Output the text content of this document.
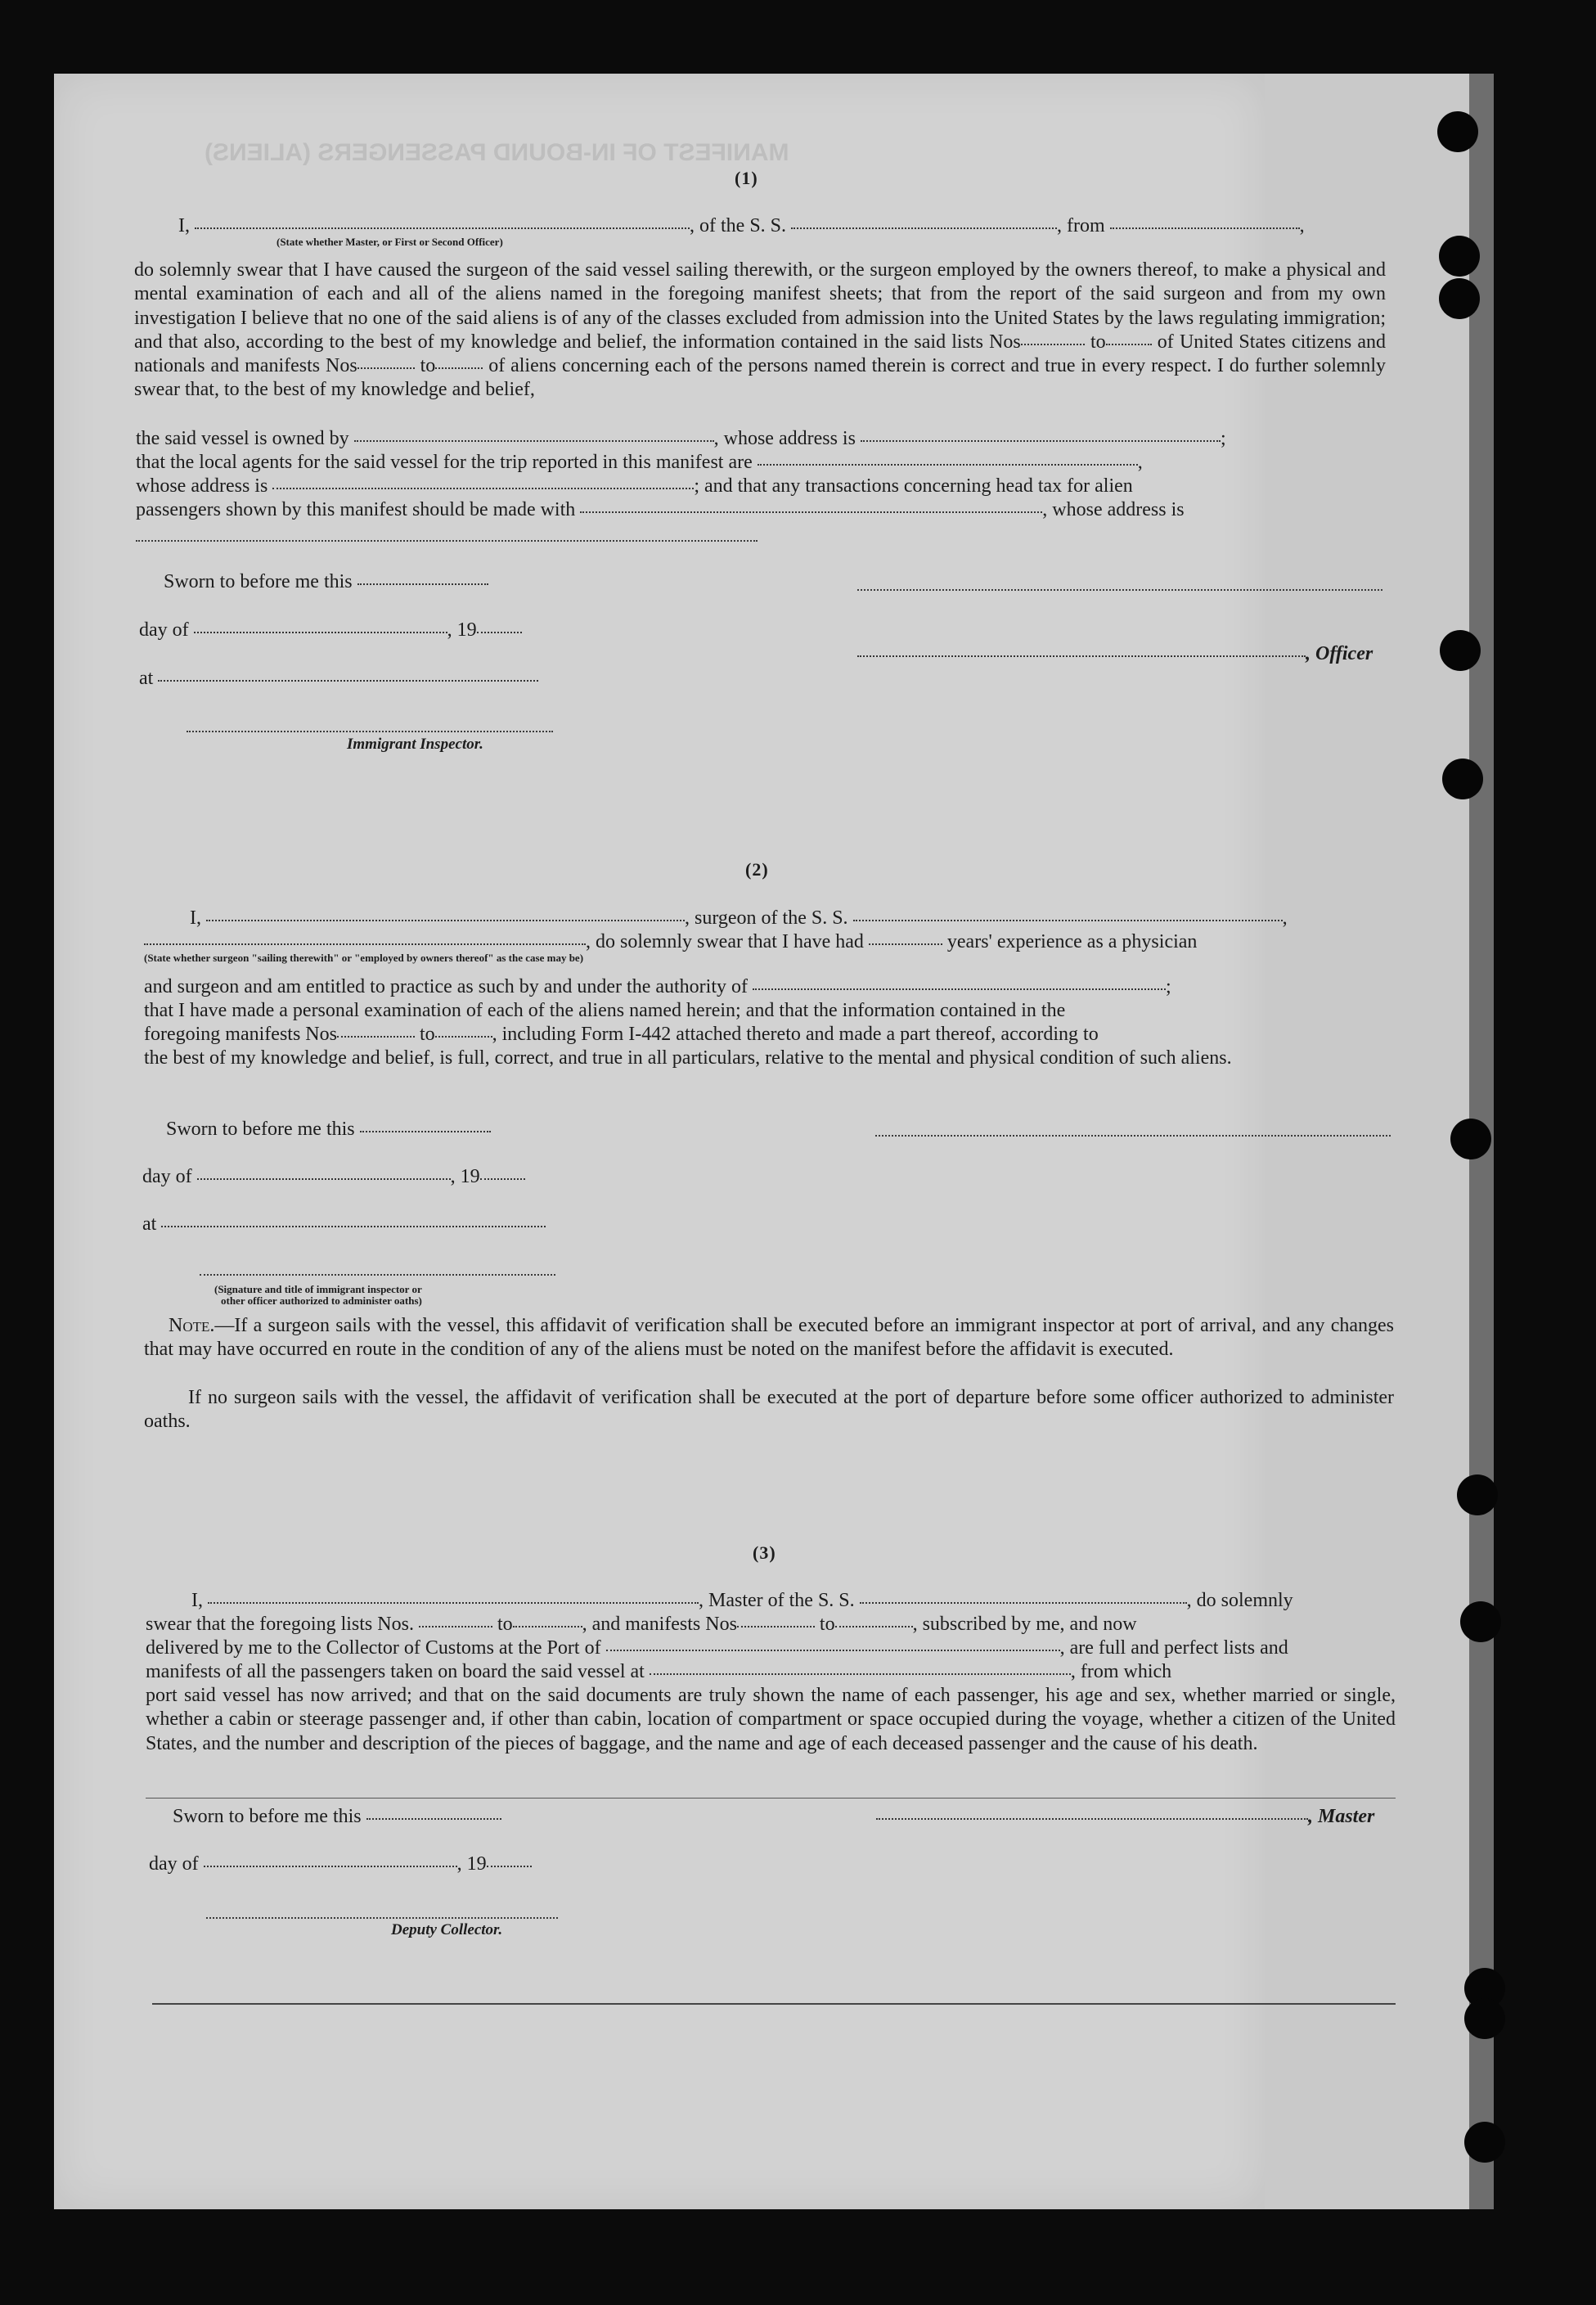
MANIFEST OF IN-BOUND PASSENGERS (ALIENS)
(1)
I,	, of the S. S.	, from	,
(State whether Master, or First or Second Officer)
do solemnly swear that I have caused the surgeon of the said vessel sailing therewith, or the surgeon employed by the owners thereof, to make a physical and mental examination of each and all of the aliens named in the foregoing manifest sheets; that from the report of the said surgeon and from my own investigation I believe that no one of the said aliens is of any of the classes excluded from admission into the United States by the laws regulating immigration; and that also, according to the best of my knowledge and belief, the information contained in the said lists Nos	to	of United States citizens and nationals and manifests Nos	to	of aliens concerning each of the persons named therein is correct and true in every respect. I do further solemnly swear that, to the best of my knowledge and belief,
the said vessel is owned by	, whose address is	;
that the local agents for the said vessel for the trip reported in this manifest are	,
whose address is	; and that any transactions concerning head tax for alien
passengers shown by this manifest should be made with	, whose address is
Sworn to before me this
day of	, 19
, Officer
at
Immigrant Inspector.
(2)
I,	, surgeon of the S. S.	,
, do solemnly swear that I have had	years' experience as a physician
(State whether surgeon "sailing therewith" or "employed by owners thereof" as the case may be)
and surgeon and am entitled to practice as such by and under the authority of	;
that I have made a personal examination of each of the aliens named herein; and that the information contained in the
foregoing manifests Nos	to	, including Form I-442 attached thereto and made a part thereof, according to
the best of my knowledge and belief, is full, correct, and true in all particulars, relative to the mental and physical condition of such aliens.
Sworn to before me this
day of	, 19
at
(Signature and title of immigrant inspector or
other officer authorized to administer oaths)
Note.—If a surgeon sails with the vessel, this affidavit of verification shall be executed before an immigrant inspector at port of arrival, and any changes that may have occurred en route in the condition of any of the aliens must be noted on the manifest before the affidavit is executed.
If no surgeon sails with the vessel, the affidavit of verification shall be executed at the port of departure before some officer authorized to administer oaths.
(3)
I,	, Master of the S. S.	, do solemnly
swear that the foregoing lists Nos.	to	, and manifests Nos	to	, subscribed by me, and now
delivered by me to the Collector of Customs at the Port of	, are full and perfect lists and
manifests of all the passengers taken on board the said vessel at	, from which
port said vessel has now arrived; and that on the said documents are truly shown the name of each passenger, his age and sex, whether married or single, whether a cabin or steerage passenger and, if other than cabin, location of compartment or space occupied during the voyage, whether a citizen of the United States, and the number and description of the pieces of baggage, and the name and age of each deceased passenger and the cause of his death.
Sworn to before me this	, Master
day of	, 19
Deputy Collector.
